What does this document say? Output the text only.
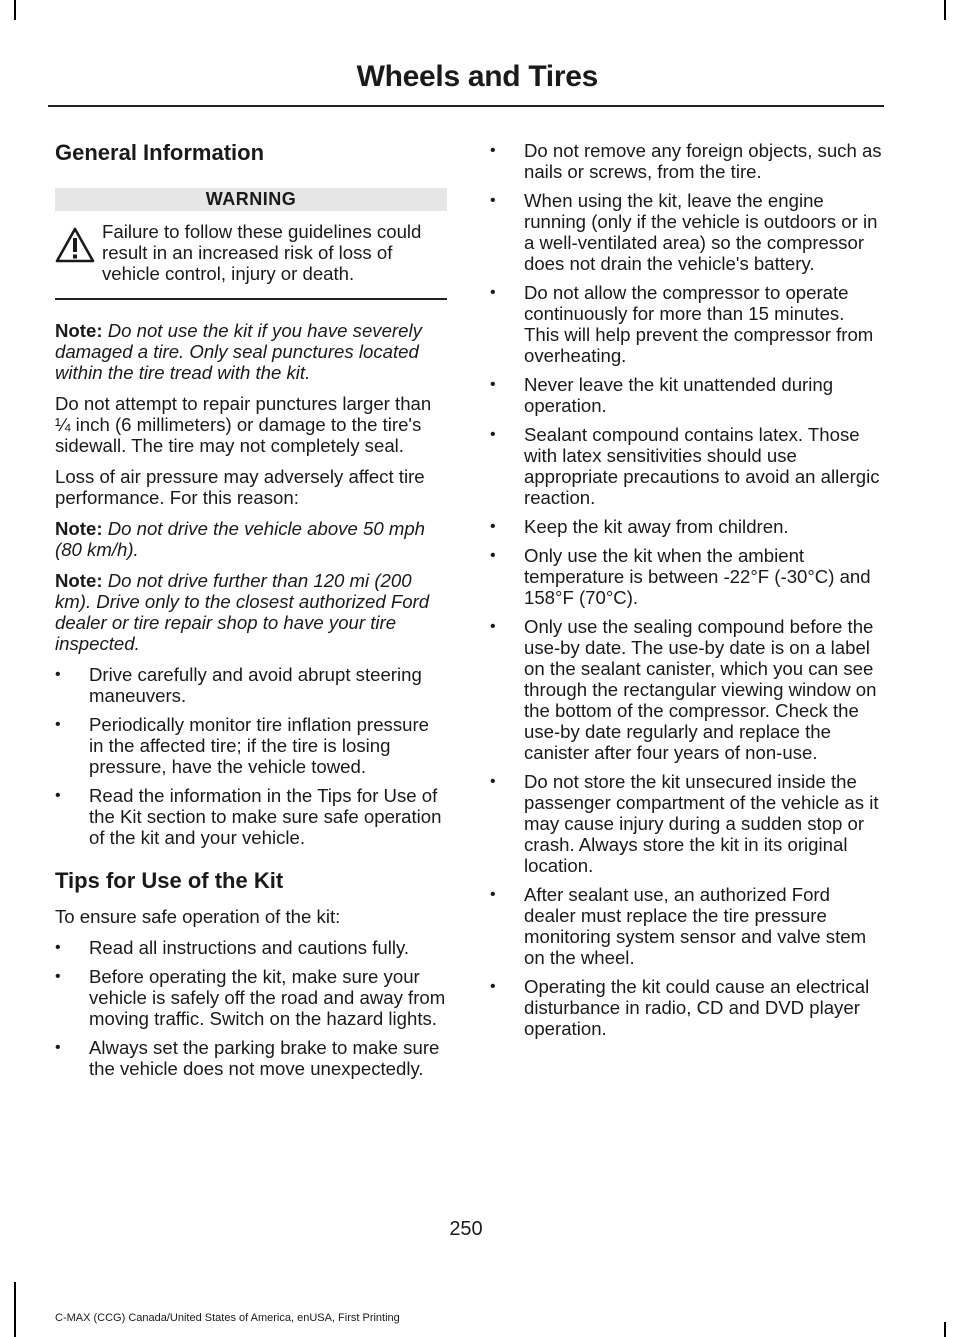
Wheels and Tires
General Information
WARNING
Failure to follow these guidelines could result in an increased risk of loss of vehicle control, injury or death.

Note: Do not use the kit if you have severely damaged a tire. Only seal punctures located within the tire tread with the kit.

Do not attempt to repair punctures larger than ¼ inch (6 millimeters) or damage to the tire's sidewall. The tire may not completely seal.

Loss of air pressure may adversely affect tire performance. For this reason:

Note: Do not drive the vehicle above 50 mph (80 km/h).

Note: Do not drive further than 120 mi (200 km). Drive only to the closest authorized Ford dealer or tire repair shop to have your tire inspected.

• Drive carefully and avoid abrupt steering maneuvers.
• Periodically monitor tire inflation pressure in the affected tire; if the tire is losing pressure, have the vehicle towed.
• Read the information in the Tips for Use of the Kit section to make sure safe operation of the kit and your vehicle.
Tips for Use of the Kit

To ensure safe operation of the kit:

• Read all instructions and cautions fully.
• Before operating the kit, make sure your vehicle is safely off the road and away from moving traffic. Switch on the hazard lights.
• Always set the parking brake to make sure the vehicle does not move unexpectedly.
• Do not remove any foreign objects, such as nails or screws, from the tire.
• When using the kit, leave the engine running (only if the vehicle is outdoors or in a well-ventilated area) so the compressor does not drain the vehicle's battery.
• Do not allow the compressor to operate continuously for more than 15 minutes. This will help prevent the compressor from overheating.
• Never leave the kit unattended during operation.
• Sealant compound contains latex. Those with latex sensitivities should use appropriate precautions to avoid an allergic reaction.
• Keep the kit away from children.
• Only use the kit when the ambient temperature is between -22°F (-30°C) and 158°F (70°C).
• Only use the sealing compound before the use-by date. The use-by date is on a label on the sealant canister, which you can see through the rectangular viewing window on the bottom of the compressor. Check the use-by date regularly and replace the canister after four years of non-use.
• Do not store the kit unsecured inside the passenger compartment of the vehicle as it may cause injury during a sudden stop or crash. Always store the kit in its original location.
• After sealant use, an authorized Ford dealer must replace the tire pressure monitoring system sensor and valve stem on the wheel.
• Operating the kit could cause an electrical disturbance in radio, CD and DVD player operation.
250
C-MAX (CCG) Canada/United States of America, enUSA, First Printing
